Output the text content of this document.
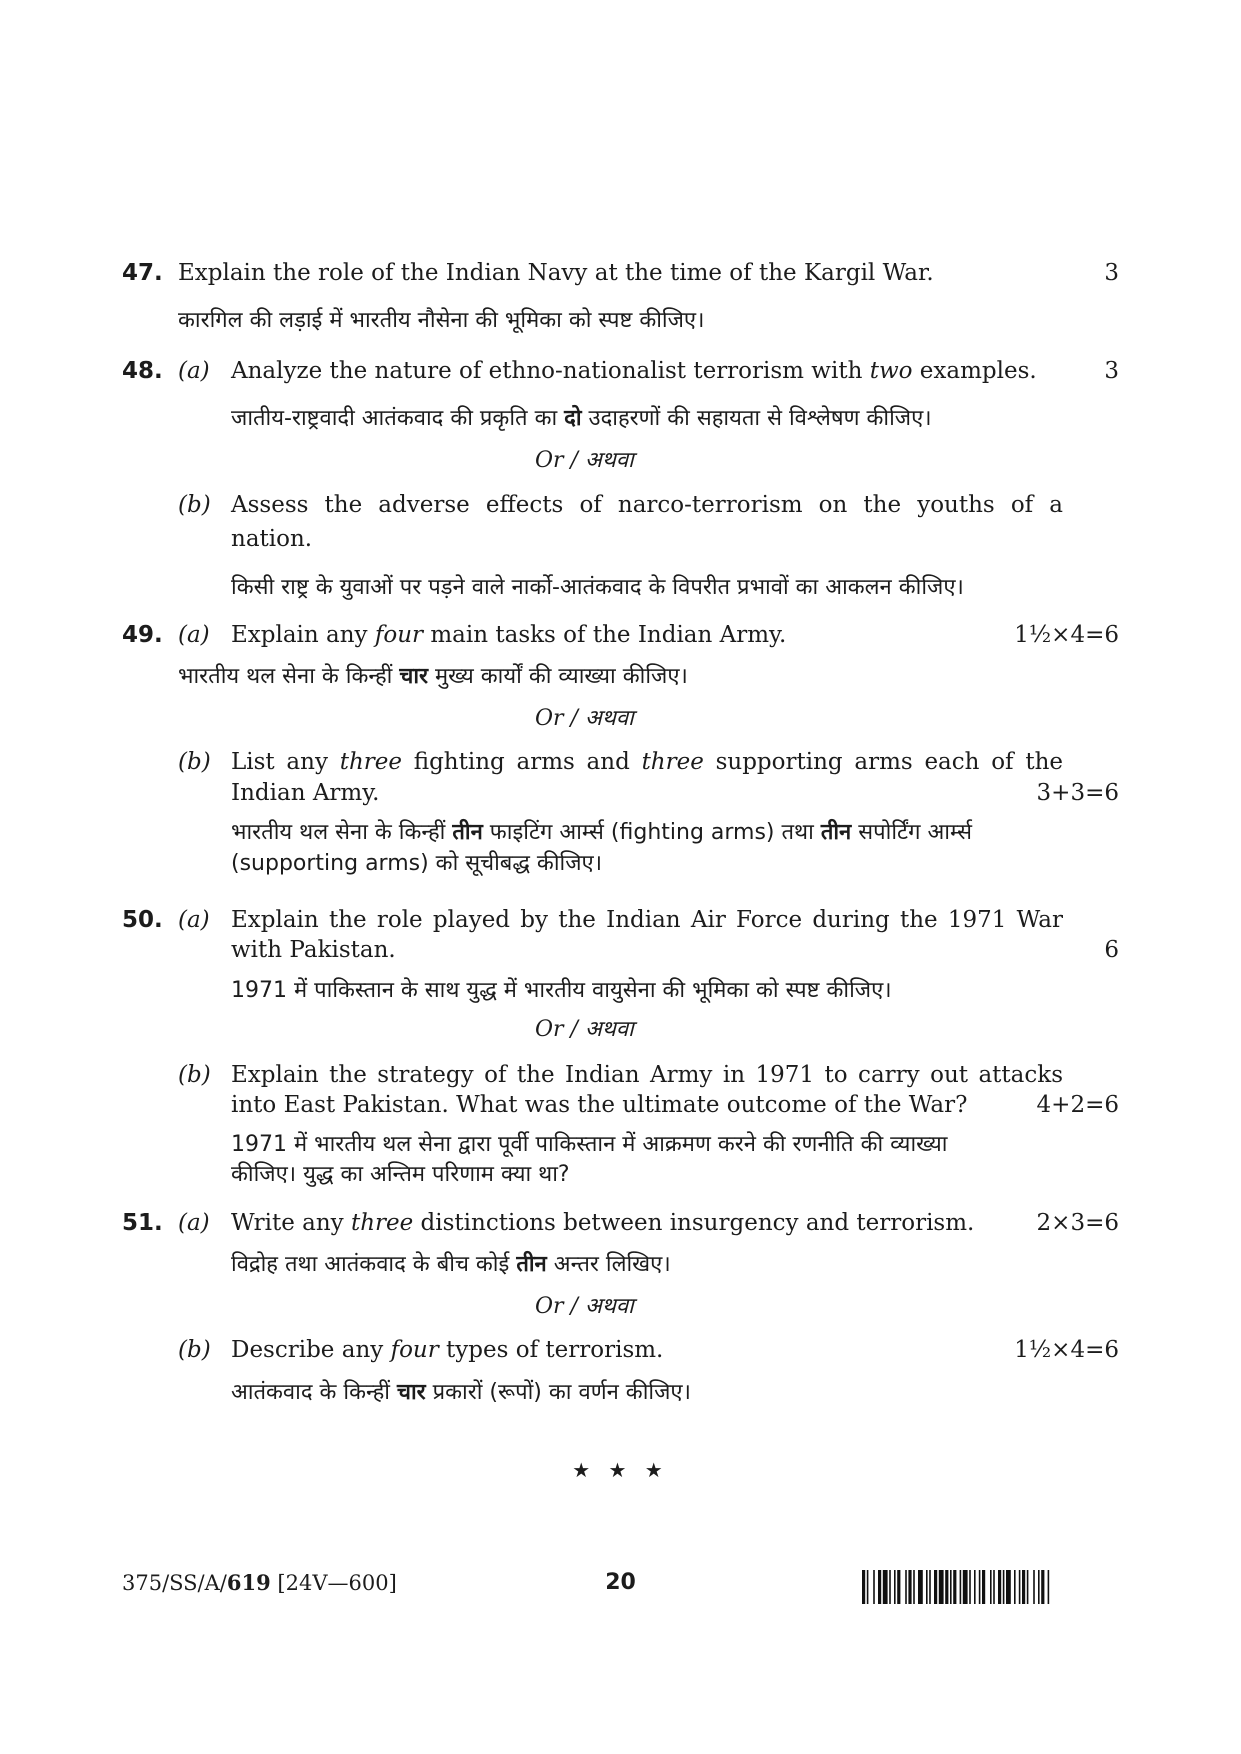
47. Explain the role of the Indian Navy at the time of the Kargil War.	3
कारगिल की लड़ाई में भारतीय नौसेना की भूमिका को स्पष्ट कीजिए।
48. (a) Analyze the nature of ethno-nationalist terrorism with two examples.	3
जातीय-राष्ट्रवादी आतंकवाद की प्रकृति का दो उदाहरणों की सहायता से विश्लेषण कीजिए।
Or / अथवा
(b) Assess the adverse effects of narco-terrorism on the youths of a
nation.
किसी राष्ट्र के युवाओं पर पड़ने वाले नार्को-आतंकवाद के विपरीत प्रभावों का आकलन कीजिए।
49. (a) Explain any four main tasks of the Indian Army.	1½×4=6
भारतीय थल सेना के किन्हीं चार मुख्य कार्यों की व्याख्या कीजिए।
Or / अथवा
(b) List any three fighting arms and three supporting arms each of the
Indian Army.	3+3=6
भारतीय थल सेना के किन्हीं तीन फाइटिंग आर्म्स (fighting arms) तथा तीन सपोर्टिंग आर्म्स
(supporting arms) को सूचीबद्ध कीजिए।
50. (a) Explain the role played by the Indian Air Force during the 1971 War
with Pakistan.	6
1971 में पाकिस्तान के साथ युद्ध में भारतीय वायुसेना की भूमिका को स्पष्ट कीजिए।
Or / अथवा
(b) Explain the strategy of the Indian Army in 1971 to carry out attacks
into East Pakistan. What was the ultimate outcome of the War?	4+2=6
1971 में भारतीय थल सेना द्वारा पूर्वी पाकिस्तान में आक्रमण करने की रणनीति की व्याख्या
कीजिए। युद्ध का अन्तिम परिणाम क्या था?
51. (a) Write any three distinctions between insurgency and terrorism.	2×3=6
विद्रोह तथा आतंकवाद के बीच कोई तीन अन्तर लिखिए।
Or / अथवा
(b) Describe any four types of terrorism.	1½×4=6
आतंकवाद के किन्हीं चार प्रकारों (रूपों) का वर्णन कीजिए।
★ ★ ★
375/SS/A/619 [24V—600]	20
